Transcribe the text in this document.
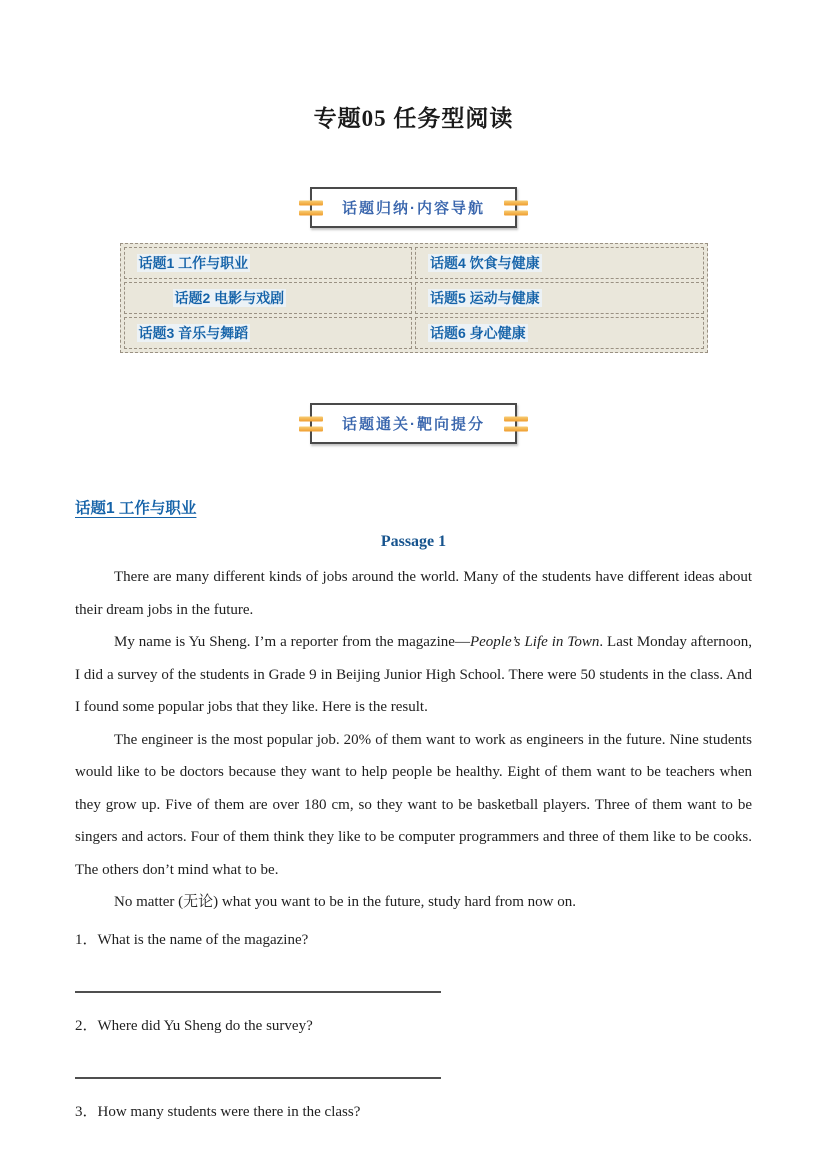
专题05 任务型阅读
话题归纳·内容导航
话题1 工作与职业	话题4 饮食与健康
话题2 电影与戏剧	话题5 运动与健康
话题3 音乐与舞蹈	话题6 身心健康
话题通关·靶向提分
话题1 工作与职业
Passage 1

There are many different kinds of jobs around the world. Many of the students have different ideas about their dream jobs in the future.

My name is Yu Sheng. I’m a reporter from the magazine—People’s Life in Town. Last Monday afternoon, I did a survey of the students in Grade 9 in Beijing Junior High School. There were 50 students in the class. And I found some popular jobs that they like. Here is the result.

The engineer is the most popular job. 20% of them want to work as engineers in the future. Nine students would like to be doctors because they want to help people be healthy. Eight of them want to be teachers when they grow up. Five of them are over 180 cm, so they want to be basketball players. Three of them want to be singers and actors. Four of them think they like to be computer programmers and three of them like to be cooks. The others don’t mind what to be.

No matter (无论) what you want to be in the future, study hard from now on.

1．What is the name of the magazine?
2．Where did Yu Sheng do the survey?
3．How many students were there in the class?
